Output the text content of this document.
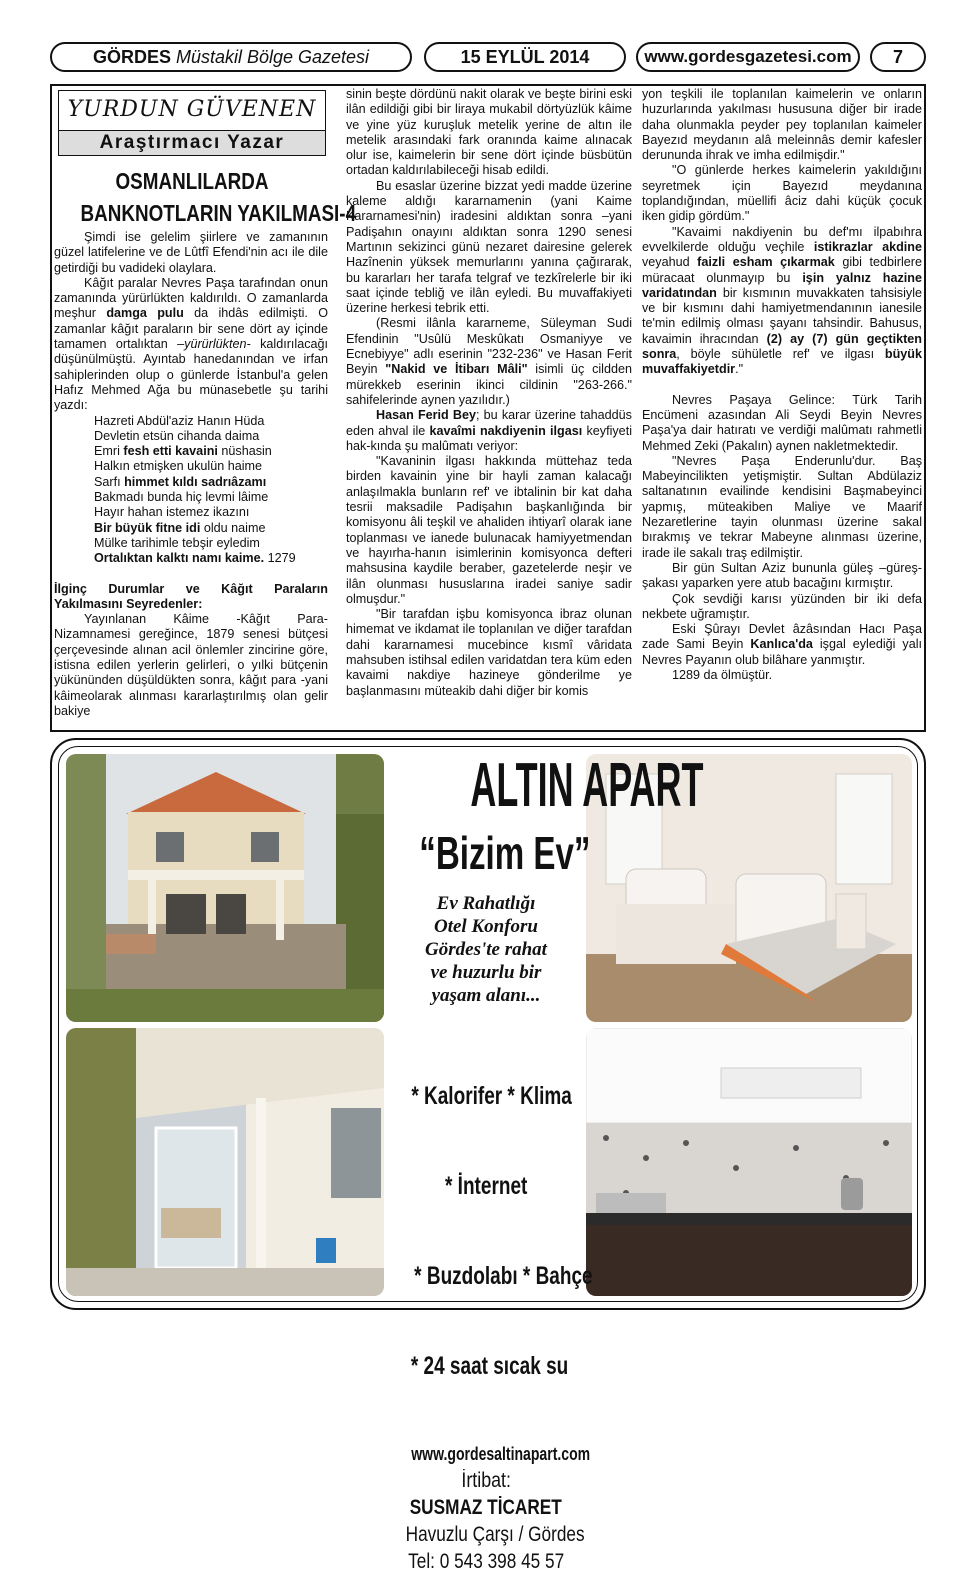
GÖRDES
Müstakil Bölge Gazetesi	15 EYLÜL 2014	www.gordesgazetesi.com 7
YURDUN GÜVENEN
Araştırmacı Yazar
OSMANLILARDA
BANKNOTLARIN YAKILMASI-4

Şimdi ise gelelim şiirlere ve zamanının güzel latifelerine ve de Lûtfî Efendi'nin acı ile dile getirdiği bu vadideki olaylara.

Kâğıt paralar Nevres Paşa tarafından onun zamanında yürürlükten kaldırıldı. O zamanlarda meşhur damga pulu da ihdâs edilmişti. O zamanlar kâğıt paraların bir sene dört ay içinde tamamen ortalıktan –yürürlükten- kaldırılacağı düşünülmüştü. Ayıntab hanedanından ve irfan sahiplerinden olup o günlerde İstanbul'a gelen Hafız Mehmed Ağa bu münasebetle şu tarihi yazdı:

Hazreti Abdül'aziz Hanın Hüda
Devletin etsün cihanda daima
Emri fesh etti kavaini nüshasin
Halkın etmişken ukulün haime
Sarfı himmet kıldı sadrıâzamı
Bakmadı bunda hiç levmi lâime
Hayır hahan istemez ikazını
Bir büyük fitne idi oldu naime
Mülke tarihimle tebşir eyledim
Ortalıktan kalktı namı kaime. 1279

İlginç Durumlar ve Kâğıt Paraların Yakılmasını Seyredenler:

Yayınlanan Kâime -Kâğıt Para- Nizamnamesi gereğince, 1879 senesi bütçesi çerçevesinde alınan acil önlemler zincirine göre, istisna edilen yerlerin gelirleri, o yılki bütçenin yükününden düşüldükten sonra, kâğıt para -yani kâimeolarak alınması kararlaştırılmış olan gelir bakiye

sinin beşte dördünü nakit olarak ve beşte birini eski ilân edildiği gibi bir liraya mukabil dörtyüzlük kâime ve yine yüz kuruşluk metelik yerine de altın ile metelik arasındaki fark oranında kaime alınacak olur ise, kaimelerin bir sene dört içinde büsbütün ortadan kaldırılabileceği hisab edildi.

Bu esaslar üzerine bizzat yedi madde üzerine kaleme aldığı kararnamenin (yani Kaime Kararnamesi'nin) iradesini aldıktan sonra –yani Padişahın onayını aldıktan sonra 1290 senesi Martının sekizinci günü nezaret dairesine gelerek Hazînenin yüksek memurlarını yanına çağırarak, bu kararları her tarafa telgraf ve tezkîrelerle bir iki saat içinde tebliğ ve ilân eyledi. Bu muvaffakiyeti üzerine herkesi tebrik etti.

(Resmi ilânla kararneme, Süleyman Sudi Efendinin "Usûlü Meskûkatı Osmaniyye ve Ecnebiyye" adlı eserinin "232-236" ve Hasan Ferit Beyin "Nakid ve İtibarı Mâli" isimli üç cildden mürekkeb eserinin ikinci cildinin "263-266." sahifelerinde aynen yazılıdır.)

Hasan Ferid Bey; bu karar üzerine tahaddüs eden ahval ile kavaîmi nakdiyenin ilgası keyfiyeti hak-kında şu malûmatı veriyor:

"Kavaninin ilgası hakkında müttehaz teda birden kavainin yine bir hayli zaman kalacağı anlaşılmakla bunların ref' ve ibtalinin bir kat daha tesrii maksadile Padişahın başkanlığında bir komisyonu âli teşkil ve ahaliden ihtiyarî olarak iane toplanması ve ianede bulunacak hamiyyetmendan ve hayırha-hanın isimlerinin komisyonca defteri mahsusina kaydile beraber, gazetelerde neşir ve ilân olunması hususlarına iradei saniye sadir olmuşdur."

"Bir tarafdan işbu komisyonca ibraz olunan himemat ve ikdamat ile toplanılan ve diğer tarafdan dahi kararnamesi mucebince kısmî vâridata mahsuben istihsal edilen varidatdan tera küm eden kavaimi nakdiye hazineye gönderilme ye başlanmasını müteakib dahi diğer bir komis

yon teşkili ile toplanılan kaimelerin ve onların huzurlarında yakılması hususuna diğer bir irade daha olunmakla peyder pey toplanılan kaimeler Bayezıd meydanın alâ meleinnâs demir kafesler derununda ihrak ve imha edilmişdir."

"O günlerde herkes kaimelerin yakıldığını seyretmek için Bayezıd meydanına toplandığından, müellifi âciz dahi küçük çocuk iken gidip gördüm."

"Kavaimi nakdiyenin bu def'mı ilpabıhra evvelkilerde olduğu veçhile istikrazlar akdine veyahud faizli esham çıkarmak gibi tedbirlere müracaat olunmayıp bu işin yalnız hazine varidatından bir kısmının muvakkaten tahsisiyle ve bir kısmını dahi hamiyetmendanının ianesile te'min edilmiş olması şayanı tahsindir. Bahusus, kavaimin ihracından (2) ay (7) gün geçtikten sonra, böyle sühületle ref' ve ilgası büyük muvaffakiyetdir."

Nevres Paşaya Gelince: Türk Tarih Encümeni azasından Ali Seydi Beyin Nevres Paşa'ya dair hatıratı ve verdiği malûmatı rahmetli Mehmed Zeki (Pakalın) aynen nakletmektedir.

"Nevres Paşa Enderunlu'dur. Baş Mabeyincilikten yetişmiştir. Sultan Abdülaziz saltanatının evailinde kendisini Başmabeyinci yapmış, müteakiben Maliye ve Maarif Nezaretlerine tayin olunması üzerine sakal bırakmış ve tekrar Mabeyne alınması üzerine, irade ile sakalı traş edilmiştir.

Bir gün Sultan Aziz bununla güleş –güreş- şakası yaparken yere atub bacağını kırmıştır.

Çok sevdiği karısı yüzünden bir iki defa nekbete uğramıştır.

Eski Şûrayı Devlet âzâsından Hacı Paşa zade Sami Beyin Kanlıca'da işgal eylediği yalı Nevres Payanın olub bilâhare yanmıştır.

1289 da ölmüştür.

ALTIN APART
“Bizim Ev”
Ev Rahatlığı
Otel Konforu
Gördes'te rahat
ve huzurlu bir
yaşam alanı...

* Kalorifer * Klima

* İnternet

* Buzdolabı * Bahçe

* 24 saat sıcak su

www.gordesaltinapart.com
İrtibat:
SUSMAZ TİCARET
Havuzlu Çarşı / Gördes
Tel: 0 543 398 45 57
